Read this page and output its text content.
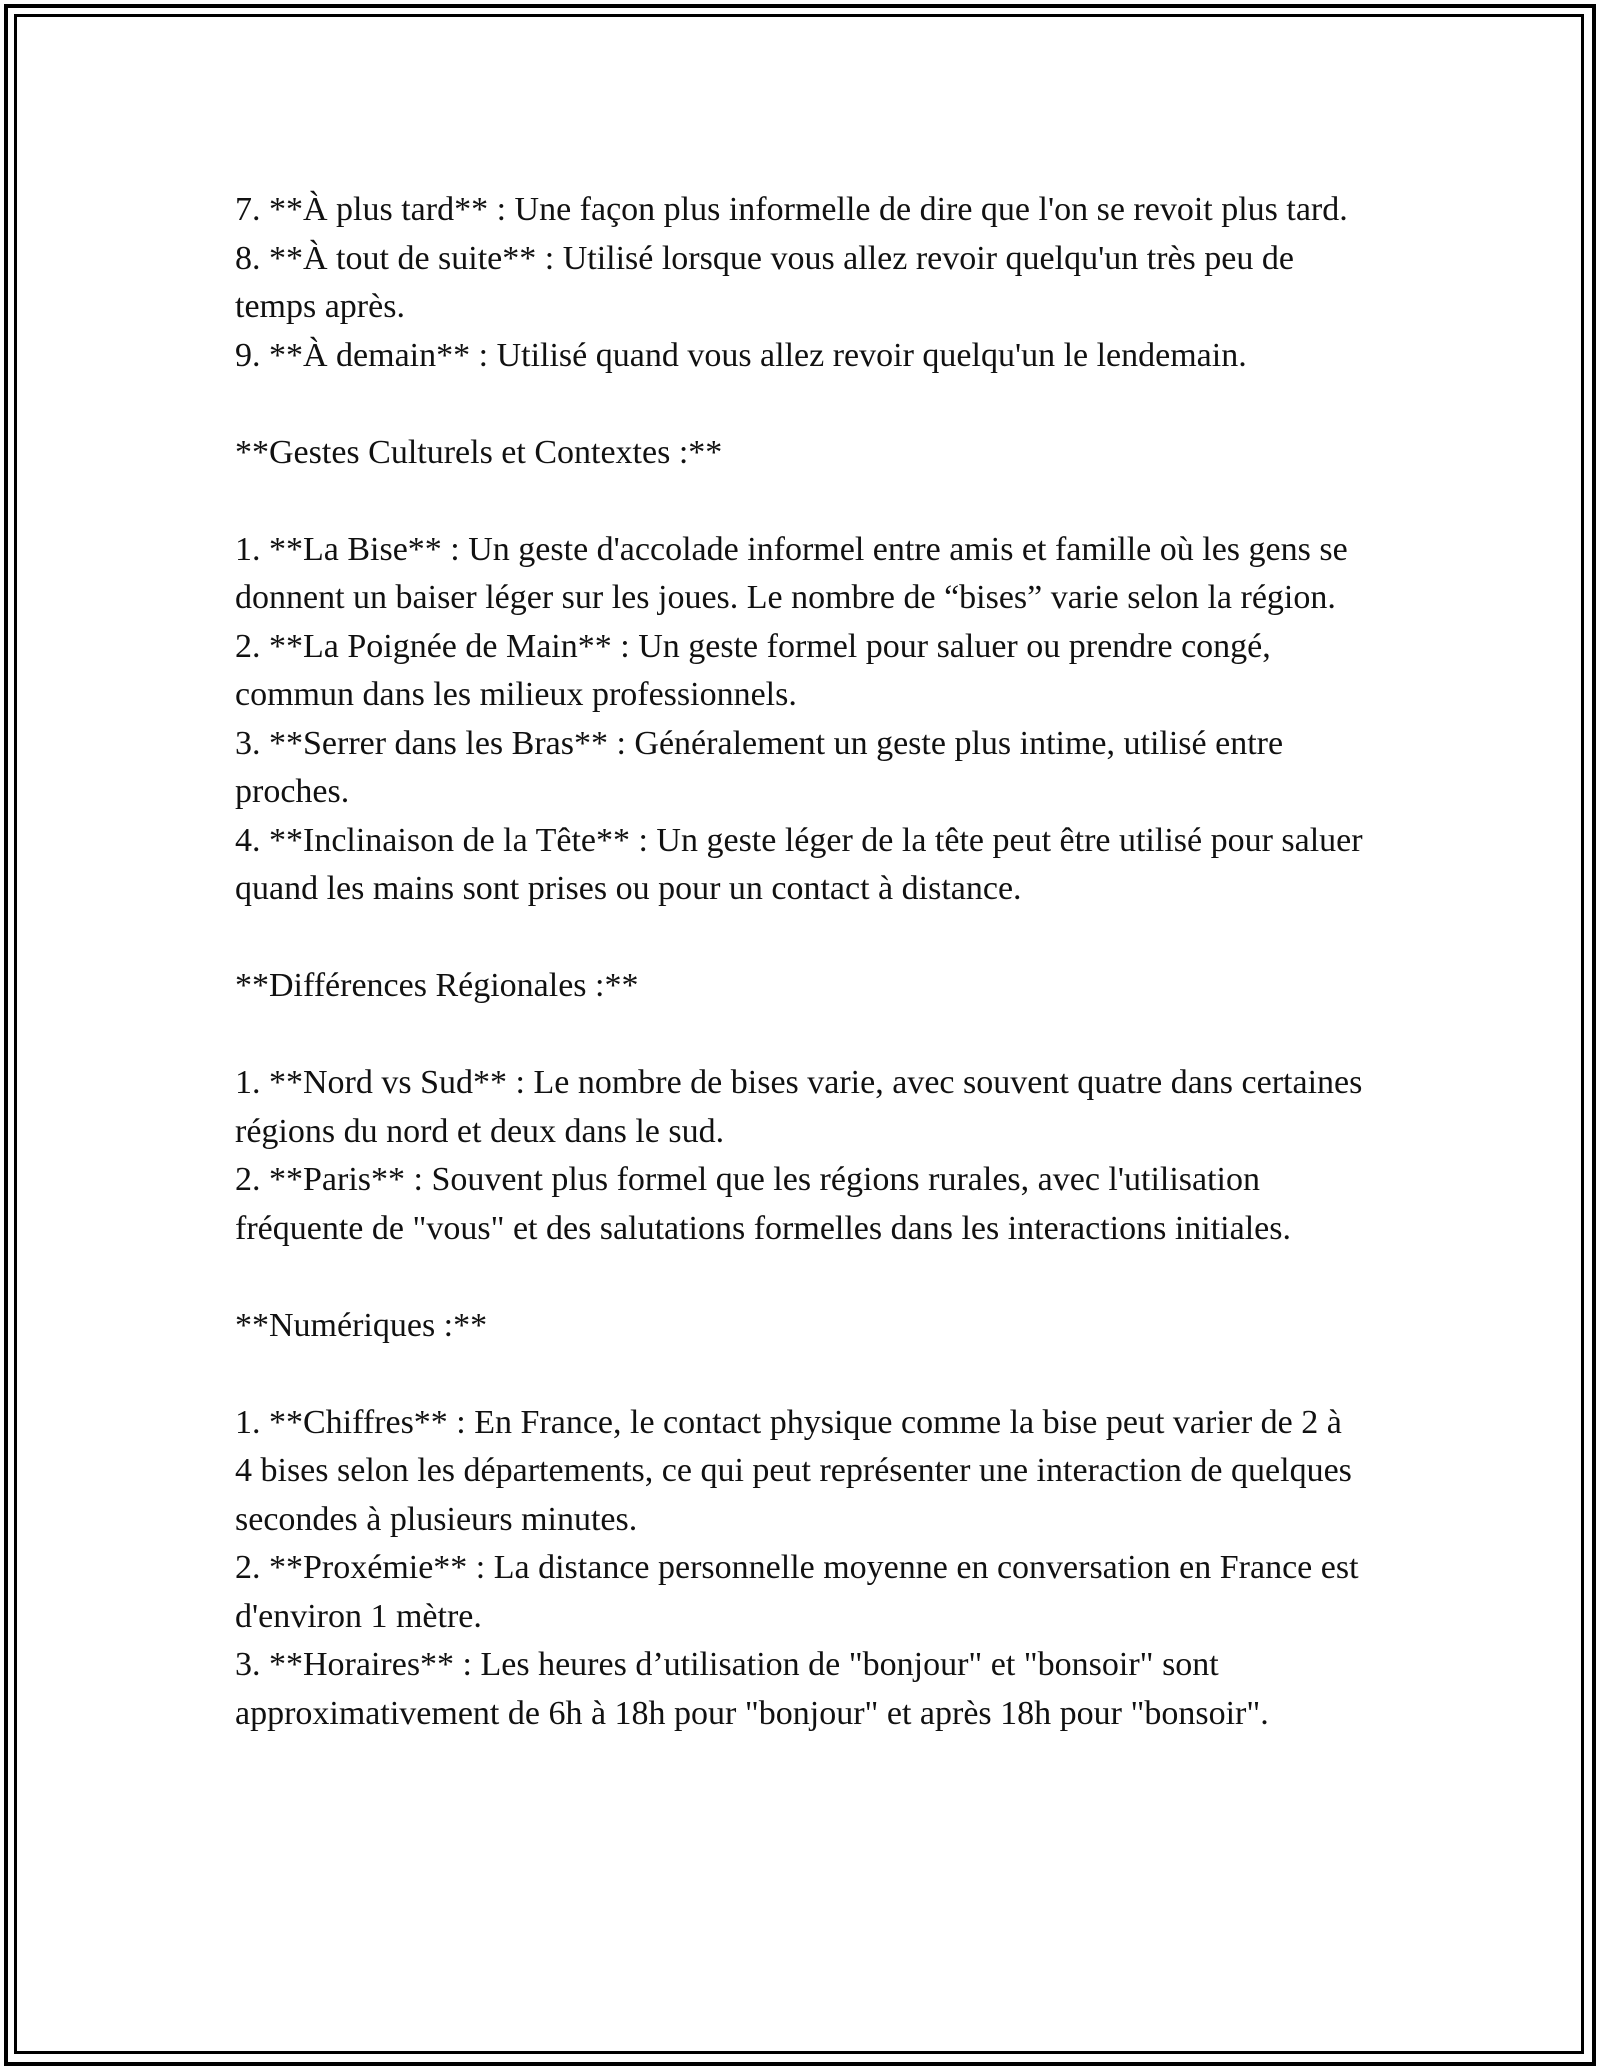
7. **À plus tard** : Une façon plus informelle de dire que l'on se revoit plus tard.

8. **À tout de suite** : Utilisé lorsque vous allez revoir quelqu'un très peu de temps après.

9. **À demain** : Utilisé quand vous allez revoir quelqu'un le lendemain.

**Gestes Culturels et Contextes :**

1. **La Bise** : Un geste d'accolade informel entre amis et famille où les gens se donnent un baiser léger sur les joues. Le nombre de “bises” varie selon la région.

2. **La Poignée de Main** : Un geste formel pour saluer ou prendre congé, commun dans les milieux professionnels.

3. **Serrer dans les Bras** : Généralement un geste plus intime, utilisé entre proches.

4. **Inclinaison de la Tête** : Un geste léger de la tête peut être utilisé pour saluer quand les mains sont prises ou pour un contact à distance.

**Différences Régionales :**

1. **Nord vs Sud** : Le nombre de bises varie, avec souvent quatre dans certaines régions du nord et deux dans le sud.

2. **Paris** : Souvent plus formel que les régions rurales, avec l'utilisation fréquente de "vous" et des salutations formelles dans les interactions initiales.

**Numériques :**

1. **Chiffres** : En France, le contact physique comme la bise peut varier de 2 à 4 bises selon les départements, ce qui peut représenter une interaction de quelques secondes à plusieurs minutes.

2. **Proxémie** : La distance personnelle moyenne en conversation en France est d'environ 1 mètre.

3. **Horaires** : Les heures d’utilisation de "bonjour" et "bonsoir" sont approximativement de 6h à 18h pour "bonjour" et après 18h pour "bonsoir".
